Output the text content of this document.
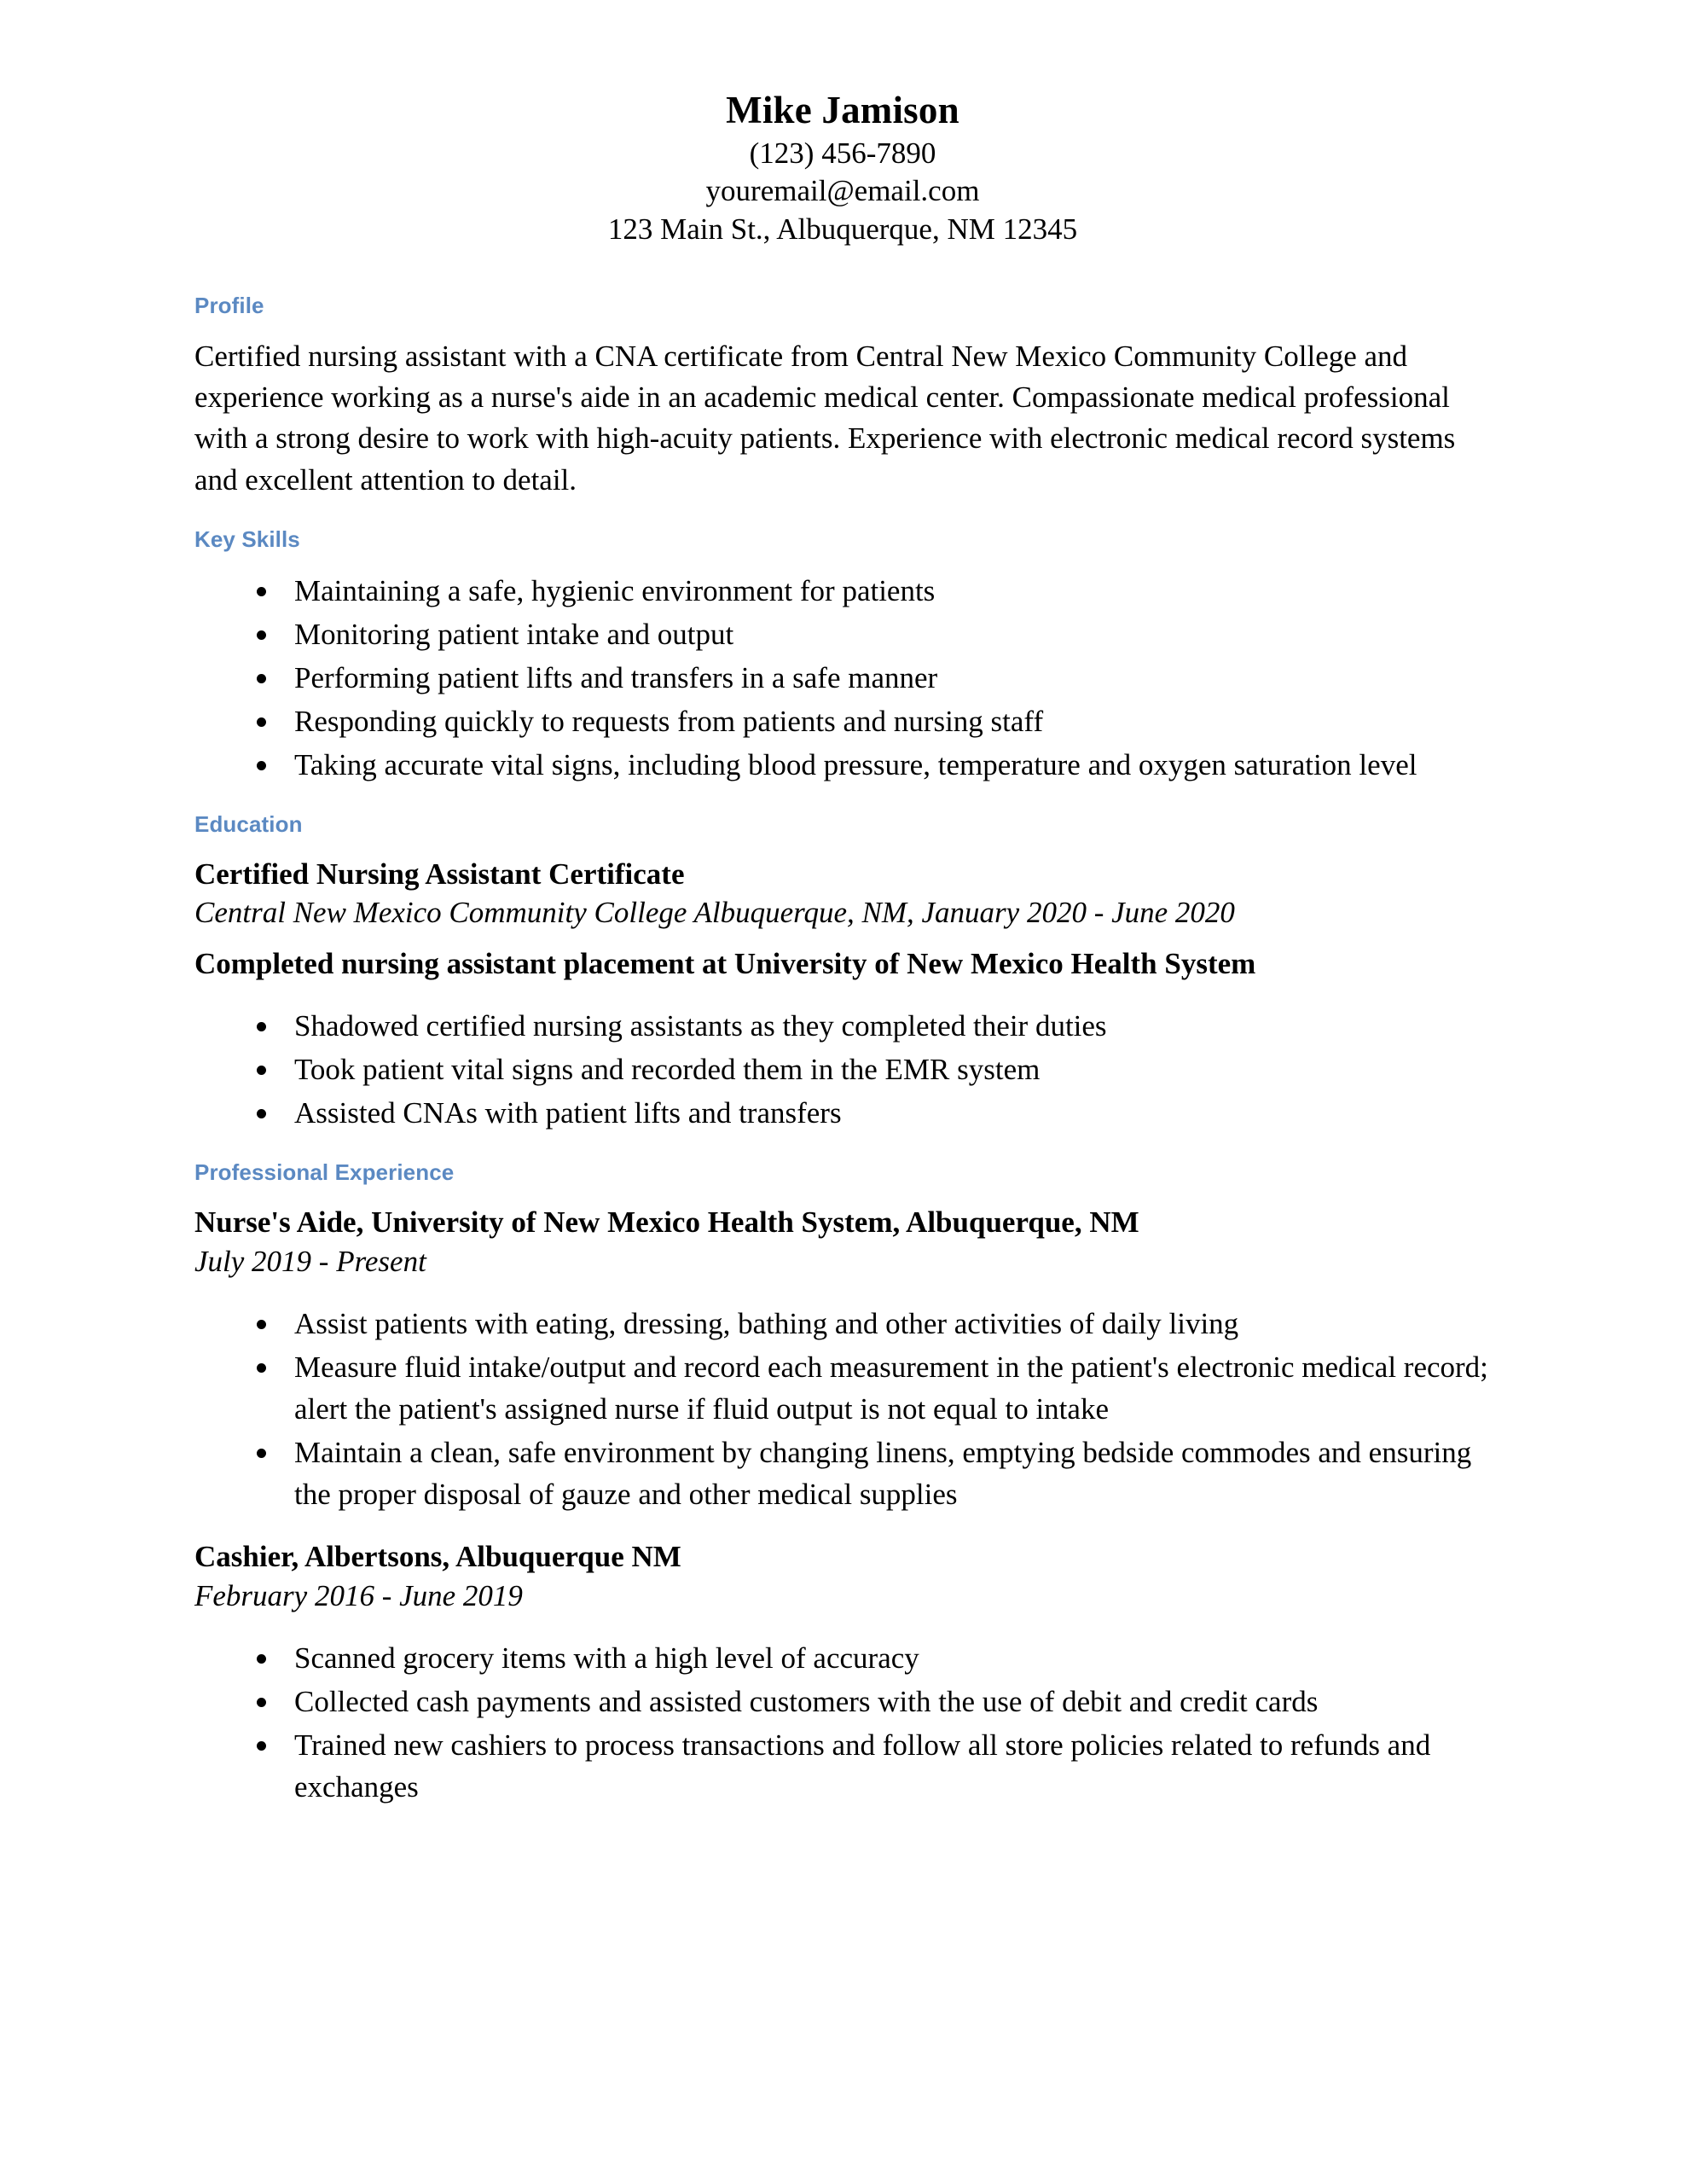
Mike Jamison
(123) 456-7890
youremail@email.com
123 Main St., Albuquerque, NM 12345
Profile

Certified nursing assistant with a CNA certificate from Central New Mexico Community College and experience working as a nurse's aide in an academic medical center. Compassionate medical professional with a strong desire to work with high-acuity patients. Experience with electronic medical record systems and excellent attention to detail.

Key Skills
Maintaining a safe, hygienic environment for patients
Monitoring patient intake and output
Performing patient lifts and transfers in a safe manner
Responding quickly to requests from patients and nursing staff
Taking accurate vital signs, including blood pressure, temperature and oxygen saturation level
Education
Certified Nursing Assistant Certificate
Central New Mexico Community College Albuquerque, NM, January 2020 - June 2020
Completed nursing assistant placement at University of New Mexico Health System
Shadowed certified nursing assistants as they completed their duties
Took patient vital signs and recorded them in the EMR system
Assisted CNAs with patient lifts and transfers
Professional Experience
Nurse's Aide, University of New Mexico Health System, Albuquerque, NM
July 2019 - Present
Assist patients with eating, dressing, bathing and other activities of daily living
Measure fluid intake/output and record each measurement in the patient's electronic medical record; alert the patient's assigned nurse if fluid output is not equal to intake
Maintain a clean, safe environment by changing linens, emptying bedside commodes and ensuring the proper disposal of gauze and other medical supplies
Cashier, Albertsons, Albuquerque NM
February 2016 - June 2019
Scanned grocery items with a high level of accuracy
Collected cash payments and assisted customers with the use of debit and credit cards
Trained new cashiers to process transactions and follow all store policies related to refunds and exchanges
